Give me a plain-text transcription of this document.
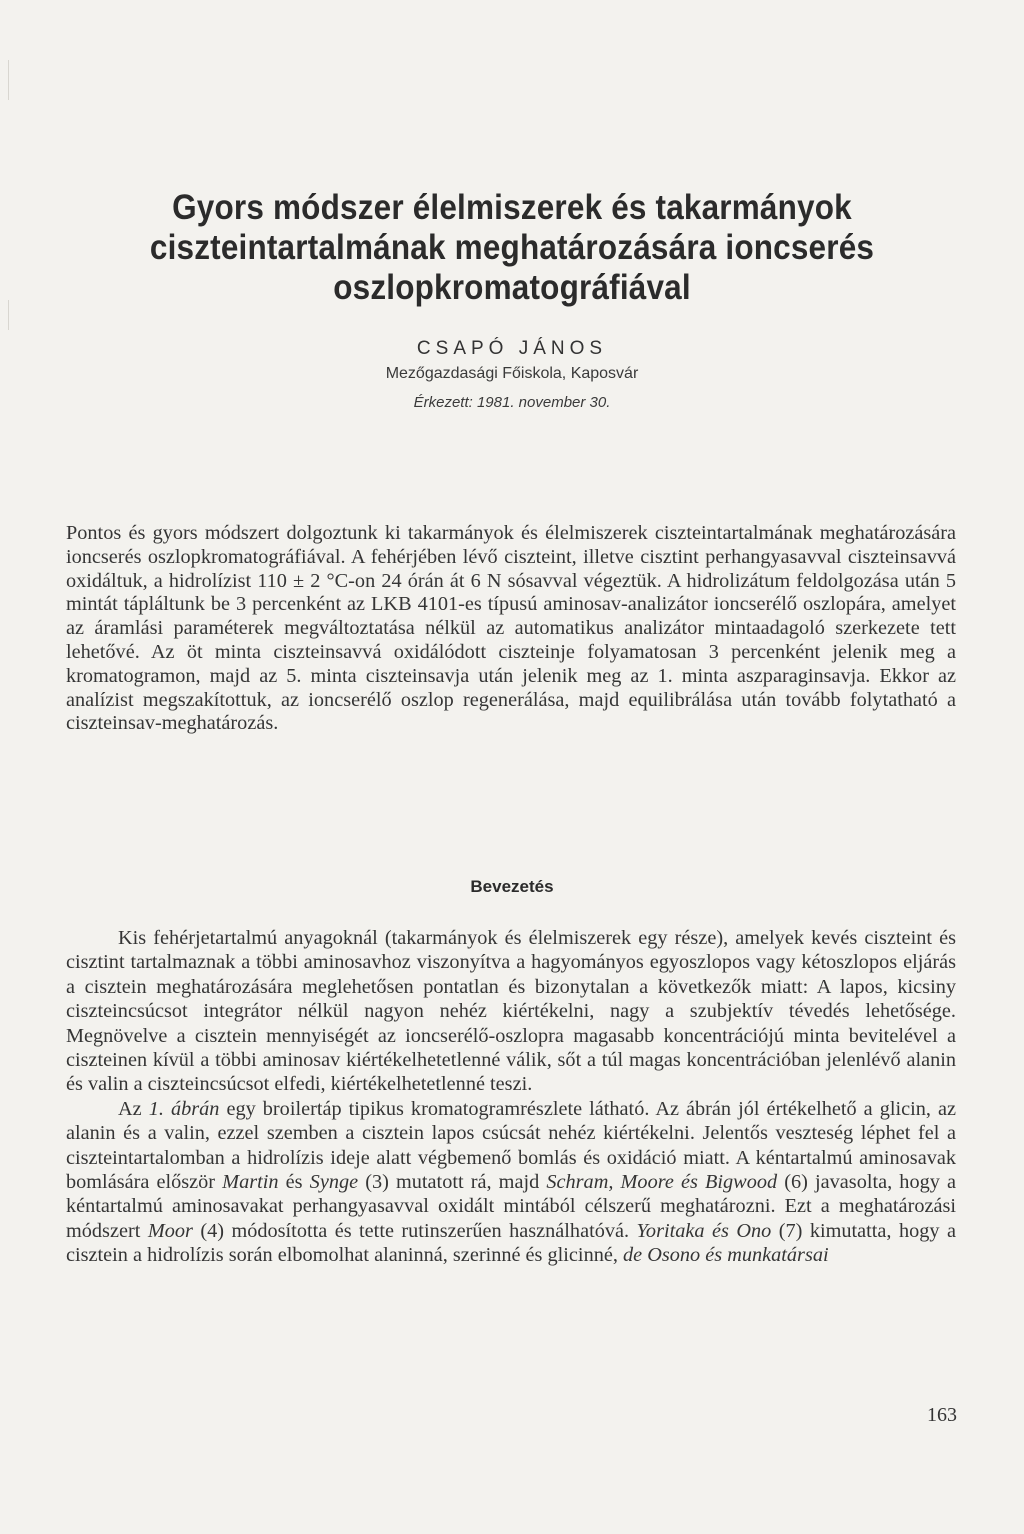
Gyors módszer élelmiszerek és takarmányok
ciszteintartalmának meghatározására ioncserés
oszlopkromatográfiával
CSAPÓ JÁNOS
Mezőgazdasági Főiskola, Kaposvár
Érkezett: 1981. november 30.

Pontos és gyors módszert dolgoztunk ki takarmányok és élelmiszerek ciszteintartalmának meghatározására ioncserés oszlopkromatográfiával. A fehérjében lévő ciszteint, illetve cisztint perhangyasavval ciszteinsavvá oxidáltuk, a hidrolízist 110 ± 2 °C-on 24 órán át 6 N sósavval végeztük. A hidrolizátum feldolgozása után 5 mintát tápláltunk be 3 percenként az LKB 4101-es típusú aminosav-analizátor ioncserélő oszlopára, amelyet az áramlási paraméterek megváltoztatása nélkül az automatikus analizátor mintaadagoló szerkezete tett lehetővé. Az öt minta ciszteinsavvá oxidálódott ciszteinje folyamatosan 3 percenként jelenik meg a kromatogramon, majd az 5. minta ciszteinsavja után jelenik meg az 1. minta aszparaginsavja. Ekkor az analízist megszakítottuk, az ioncserélő oszlop regenerálása, majd equilibrálása után tovább folytatható a ciszteinsav-meghatározás.

Bevezetés

Kis fehérjetartalmú anyagoknál (takarmányok és élelmiszerek egy része), amelyek kevés ciszteint és cisztint tartalmaznak a többi aminosavhoz viszonyítva a hagyományos egyoszlopos vagy kétoszlopos eljárás a cisztein meghatározására meglehetősen pontatlan és bizonytalan a következők miatt: A lapos, kicsiny ciszteincsúcsot integrátor nélkül nagyon nehéz kiértékelni, nagy a szubjektív tévedés lehetősége. Megnövelve a cisztein mennyiségét az ioncserélő-oszlopra magasabb koncentrációjú minta bevitelével a ciszteinen kívül a többi aminosav kiértékelhetetlenné válik, sőt a túl magas koncentrációban jelenlévő alanin és valin a ciszteincsúcsot elfedi, kiértékelhetetlenné teszi.

Az 1. ábrán egy broilertáp tipikus kromatogramrészlete látható. Az ábrán jól értékelhető a glicin, az alanin és a valin, ezzel szemben a cisztein lapos csúcsát nehéz kiértékelni. Jelentős veszteség léphet fel a ciszteintartalomban a hidrolízis ideje alatt végbemenő bomlás és oxidáció miatt. A kéntartalmú aminosavak bomlására először Martin és Synge (3) mutatott rá, majd Schram, Moore és Bigwood (6) javasolta, hogy a kéntartalmú aminosavakat perhangyasavval oxidált mintából célszerű meghatározni. Ezt a meghatározási módszert Moor (4) módosította és tette rutinszerűen használhatóvá. Yoritaka és Ono (7) kimutatta, hogy a cisztein a hidrolízis során elbomolhat alaninná, szerinné és glicinné, de Osono és munkatársai

163
